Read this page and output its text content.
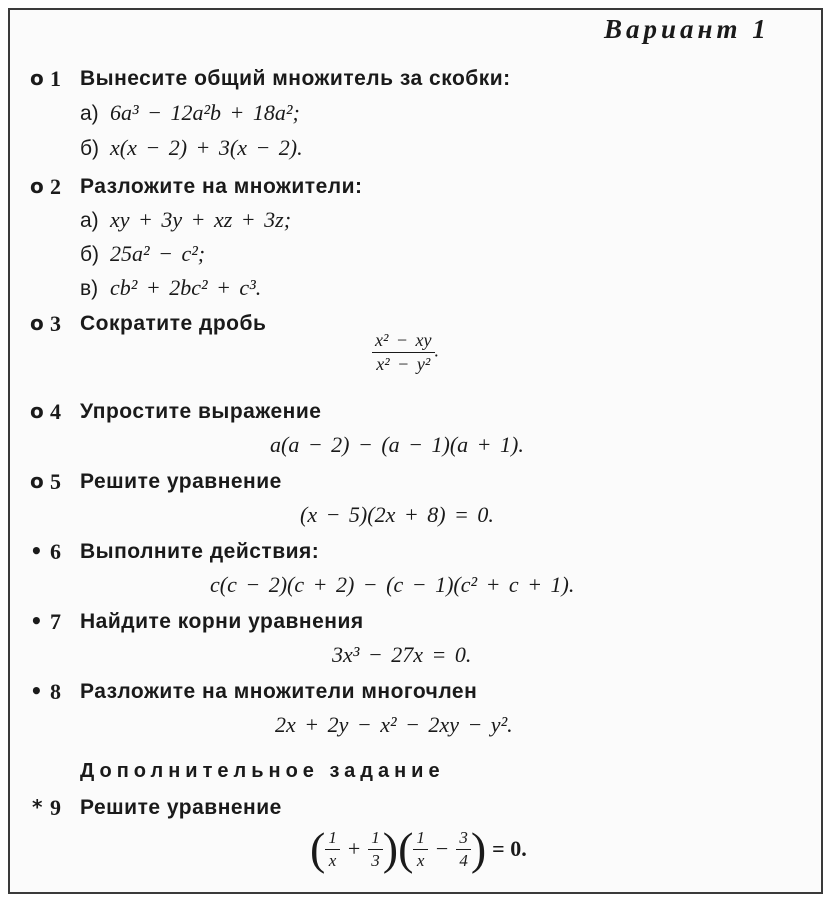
Вариант 1
o 1 Вынесите общий множитель за скобки:
а) 6a³ − 12a²b + 18a²;
б) x(x − 2) + 3(x − 2).
o 2 Разложите на множители:
а) xy + 3y + xz + 3z;
б) 25a² − c²;
в) cb² + 2bc² + c³.
o 3 Сократите дробь
$\frac{\text{x² − xy}}{\text{x² − y²}}$ .
o 4 Упростите выражение
a(a − 2) − (a − 1)(a + 1).
o 5 Решите уравнение
(x − 5)(2x + 8) = 0.
• 6 Выполните действия:
c(c − 2)(c + 2) − (c − 1)(c² + c + 1).
• 7 Найдите корни уравнения
3x³ − 27x = 0.
• 8 Разложите на множители многочлен
2x + 2y − x² − 2xy − y².
Дополнительное задание
* 9 Решите уравнение
( $\frac{1}{x} + \frac{1}{3}$ ) ( $\frac{1}{x} - \frac{3}{4}$ ) = 0.
